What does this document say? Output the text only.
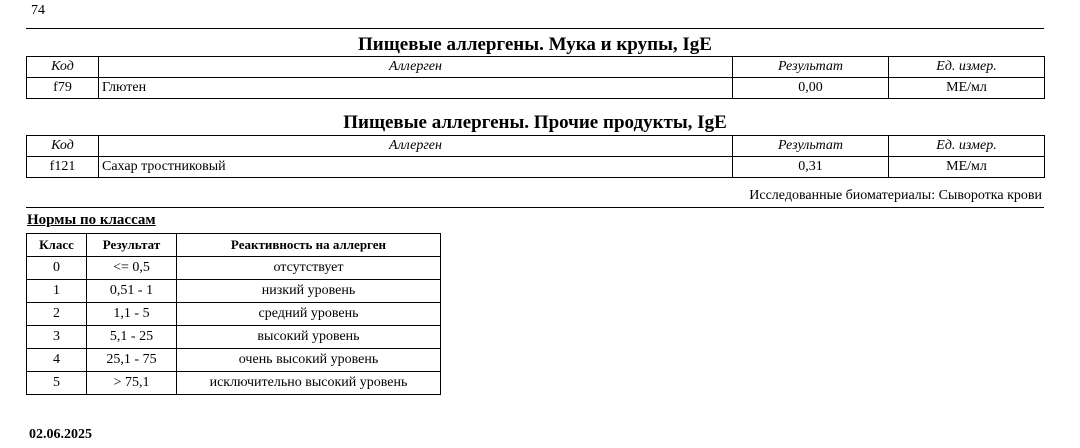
74
Пищевые аллергены. Мука и крупы, IgE
Код	Аллерген	Результат	Ед. измер.
f79	Глютен	0,00	МЕ/мл
Пищевые аллергены. Прочие продукты, IgE
Код	Аллерген	Результат	Ед. измер.
f121	Сахар тростниковый	0,31	МЕ/мл
Исследованные биоматериалы: Сыворотка крови
Нормы по классам
Класс	Результат	Реактивность на аллерген
0	<= 0,5	отсутствует
1	0,51 - 1	низкий уровень
2	1,1 - 5	средний уровень
3	5,1 - 25	высокий уровень
4	25,1 - 75	очень высокий уровень
5	> 75,1	исключительно высокий уровень
02.06.2025
